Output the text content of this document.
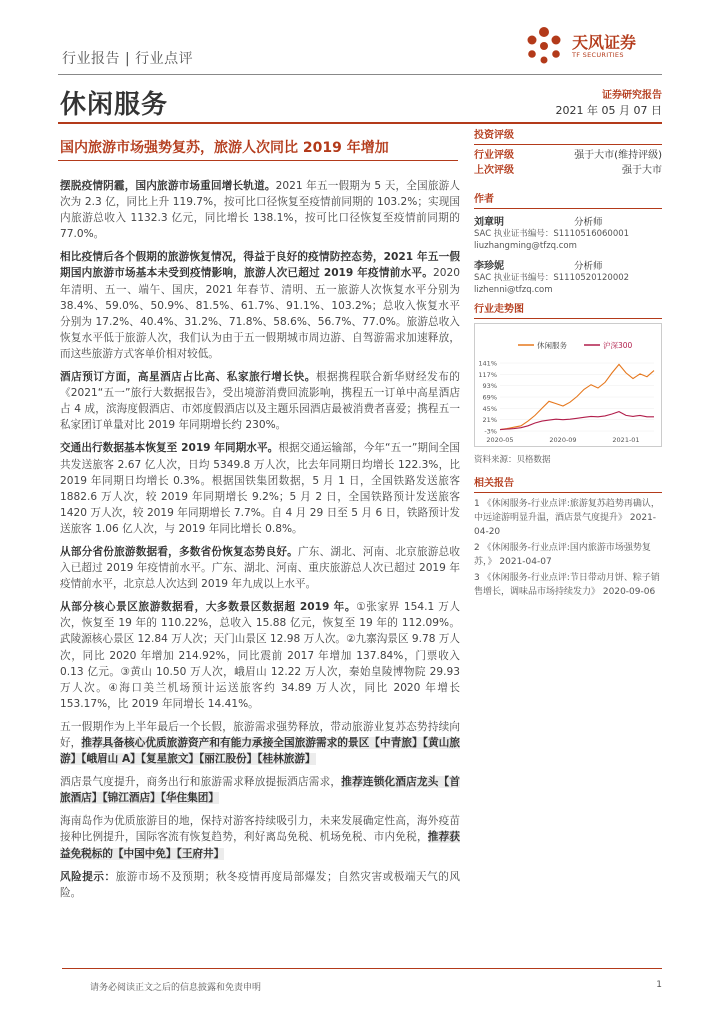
行业报告 | 行业点评
天风证券
TF SECURITIES
休闲服务	证券研究报告
2021 年 05 月 07 日
国内旅游市场强势复苏，旅游人次同比 2019 年增加

摆脱疫情阴霾，国内旅游市场重回增长轨道。2021 年五一假期为 5 天，全国旅游人次为 2.3 亿，同比上升 119.7%，按可比口径恢复至疫情前同期的 103.2%；实现国内旅游总收入 1132.3 亿元，同比增长 138.1%，按可比口径恢复至疫情前同期的 77.0%。

相比疫情后各个假期的旅游恢复情况，得益于良好的疫情防控态势，2021 年五一假期国内旅游市场基本未受到疫情影响，旅游人次已超过 2019 年疫情前水平。2020 年清明、五一、端午、国庆，2021 年春节、清明、五一旅游人次恢复水平分别为 38.4%、59.0%、50.9%、81.5%、61.7%、91.1%、103.2%；总收入恢复水平分别为 17.2%、40.4%、31.2%、71.8%、58.6%、56.7%、77.0%。旅游总收入恢复水平低于旅游人次，我们认为由于五一假期城市周边游、自驾游需求加速释放，而这些旅游方式客单价相对较低。

酒店预订方面，高星酒店占比高、私家旅行增长快。根据携程联合新华财经发布的《2021“五一”旅行大数据报告》，受出境游消费回流影响，携程五一订单中高星酒店占 4 成，滨海度假酒店、市郊度假酒店以及主题乐园酒店最被消费者喜爱；携程五一私家团订单量对比 2019 年同期增长约 230%。

交通出行数据基本恢复至 2019 年同期水平。根据交通运输部，今年“五一”期间全国共发送旅客 2.67 亿人次，日均 5349.8 万人次，比去年同期日均增长 122.3%，比 2019 年同期日均增长 0.3%。根据国铁集团数据，5 月 1 日，全国铁路发送旅客 1882.6 万人次，较 2019 年同期增长 9.2%；5 月 2 日，全国铁路预计发送旅客 1420 万人次，较 2019 年同期增长 7.7%。自 4 月 29 日至 5 月 6 日，铁路预计发送旅客 1.06 亿人次，与 2019 年同比增长 0.8%。

从部分省份旅游数据看，多数省份恢复态势良好。广东、湖北、河南、北京旅游总收入已超过 2019 年疫情前水平。广东、湖北、河南、重庆旅游总人次已超过 2019 年疫情前水平，北京总人次达到 2019 年九成以上水平。

从部分核心景区旅游数据看，大多数景区数据超 2019 年。①张家界 154.1 万人次，恢复至 19 年的 110.22%，总收入 15.88 亿元，恢复至 19 年的 112.09%。武陵源核心景区 12.84 万人次；天门山景区 12.98 万人次。②九寨沟景区 9.78 万人次，同比 2020 年增加 214.92%，同比震前 2017 年增加 137.84%，门票收入 0.13 亿元。③黄山 10.50 万人次，峨眉山 12.22 万人次，秦始皇陵博物院 29.93 万人次。④海口美兰机场预计运送旅客约 34.89 万人次，同比 2020 年增长 153.17%，比 2019 年同增长 14.41%。

五一假期作为上半年最后一个长假，旅游需求强势释放，带动旅游业复苏态势持续向好，推荐具备核心优质旅游资产和有能力承接全国旅游需求的景区【中青旅】【黄山旅游】【峨眉山 A】【复星旅文】【丽江股份】【桂林旅游】

酒店景气度提升，商务出行和旅游需求释放提振酒店需求，推荐连锁化酒店龙头【首旅酒店】【锦江酒店】【华住集团】

海南岛作为优质旅游目的地，保持对游客持续吸引力，未来发展确定性高，海外疫苗接种比例提升，国际客流有恢复趋势，利好离岛免税、机场免税、市内免税，推荐获益免税标的【中国中免】【王府井】

风险提示：旅游市场不及预期；秋冬疫情再度局部爆发；自然灾害或极端天气的风险。

投资评级
行业评级	强于大市(维持评级)
上次评级	强于大市
作者
刘章明	分析师
SAC 执业证书编号：S1110516060001
liuzhangming@tfzq.com
李珍妮	分析师
SAC 执业证书编号：S1110520120002
lizhenni@tfzq.com
行业走势图
休闲服务	沪深300
-3%
21%
45%
69%
93%
117%
141%
2020-05	2020-09	2021-01
资料来源：贝格数据
相关报告
1 《休闲服务-行业点评:旅游复苏趋势再确认，中远途游明显升温，酒店景气度提升》 2021-04-20
2 《休闲服务-行业点评:国内旅游市场强势复苏，》 2021-04-07
3 《休闲服务-行业点评:节日带动月饼、粽子销售增长，调味品市场持续发力》 2020-09-06
请务必阅读正文之后的信息披露和免责申明	1
